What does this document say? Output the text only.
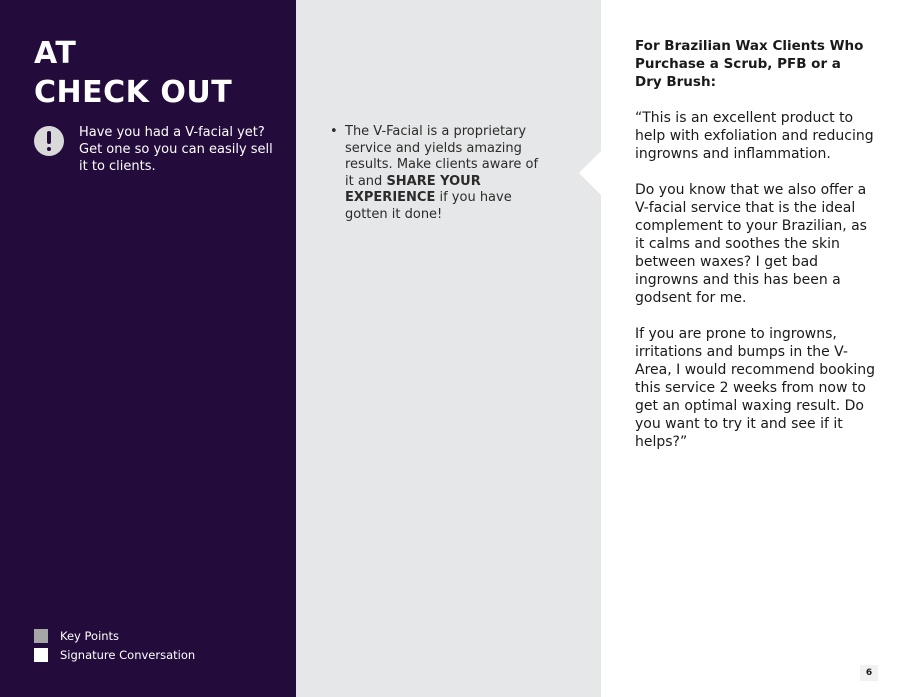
AT
CHECK OUT
Have you had a V-facial yet? Get one so you can easily sell it to clients.
Key Points
Signature Conversation
• The V-Facial is a proprietary service and yields amazing results. Make clients aware of it and SHARE YOUR EXPERIENCE if you have gotten it done!
For Brazilian Wax Clients Who Purchase a Scrub, PFB or a Dry Brush:

“This is an excellent product to help with exfoliation and reducing ingrowns and inflammation.

Do you know that we also offer a V-facial service that is the ideal complement to your Brazilian, as it calms and soothes the skin between waxes? I get bad ingrowns and this has been a godsent for me.

If you are prone to ingrowns, irritations and bumps in the V-Area, I would recommend booking this service 2 weeks from now to get an optimal waxing result. Do you want to try it and see if it helps?”

6
